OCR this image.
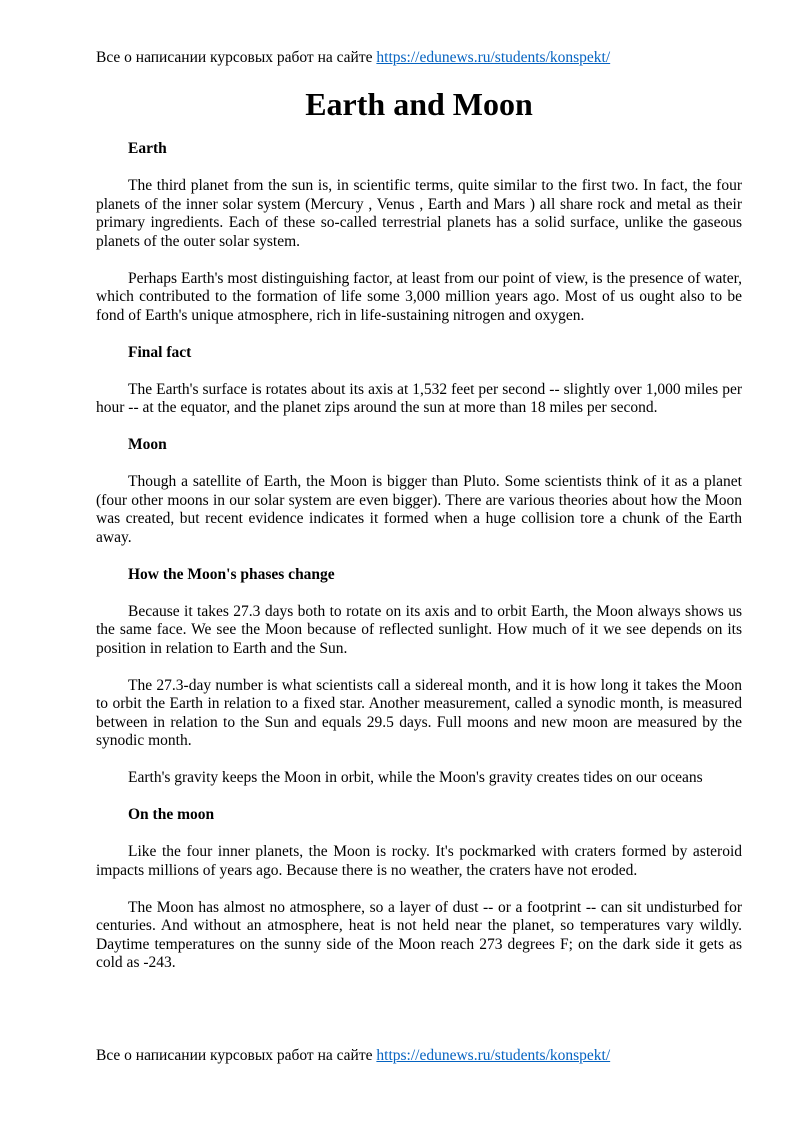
Все о написании курсовых работ на сайте https://edunews.ru/students/konspekt/
Earth and Moon

Earth

The third planet from the sun is, in scientific terms, quite similar to the first two. In fact, the four planets of the inner solar system (Mercury , Venus , Earth and Mars ) all share rock and metal as their primary ingredients. Each of these so-called terrestrial planets has a solid surface, unlike the gaseous planets of the outer solar system.

Perhaps Earth's most distinguishing factor, at least from our point of view, is the presence of water, which contributed to the formation of life some 3,000 million years ago. Most of us ought also to be fond of Earth's unique atmosphere, rich in life-sustaining nitrogen and oxygen.

Final fact

The Earth's surface is rotates about its axis at 1,532 feet per second -- slightly over 1,000 miles per hour -- at the equator, and the planet zips around the sun at more than 18 miles per second.

Moon

Though a satellite of Earth, the Moon is bigger than Pluto. Some scientists think of it as a planet (four other moons in our solar system are even bigger). There are various theories about how the Moon was created, but recent evidence indicates it formed when a huge collision tore a chunk of the Earth away.

How the Moon's phases change

Because it takes 27.3 days both to rotate on its axis and to orbit Earth, the Moon always shows us the same face. We see the Moon because of reflected sunlight. How much of it we see depends on its position in relation to Earth and the Sun.

The 27.3-day number is what scientists call a sidereal month, and it is how long it takes the Moon to orbit the Earth in relation to a fixed star. Another measurement, called a synodic month, is measured between in relation to the Sun and equals 29.5 days. Full moons and new moon are measured by the synodic month.

Earth's gravity keeps the Moon in orbit, while the Moon's gravity creates tides on our oceans

On the moon

Like the four inner planets, the Moon is rocky. It's pockmarked with craters formed by asteroid impacts millions of years ago. Because there is no weather, the craters have not eroded.

The Moon has almost no atmosphere, so a layer of dust -- or a footprint -- can sit undisturbed for centuries. And without an atmosphere, heat is not held near the planet, so temperatures vary wildly. Daytime temperatures on the sunny side of the Moon reach 273 degrees F; on the dark side it gets as cold as -243.

Все о написании курсовых работ на сайте https://edunews.ru/students/konspekt/
